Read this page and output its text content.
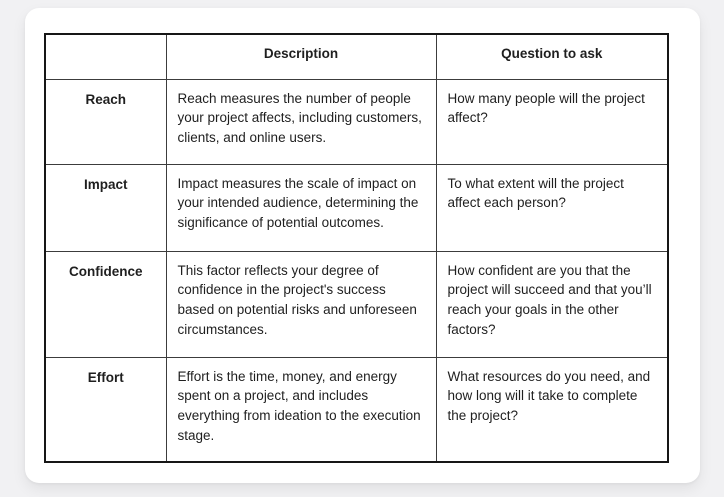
	Description	Question to ask
Reach	Reach measures the number of people your project affects, including customers, clients, and online users.	How many people will the project affect?
Impact	Impact measures the scale of impact on your intended audience, determining the significance of potential outcomes.	To what extent will the project affect each person?
Confidence	This factor reflects your degree of confidence in the project's success based on potential risks and unforeseen circumstances.	How confident are you that the project will succeed and that you’ll reach your goals in the other factors?
Effort	Effort is the time, money, and energy spent on a project, and includes everything from ideation to the execution stage.	What resources do you need, and how long will it take to complete the project?
